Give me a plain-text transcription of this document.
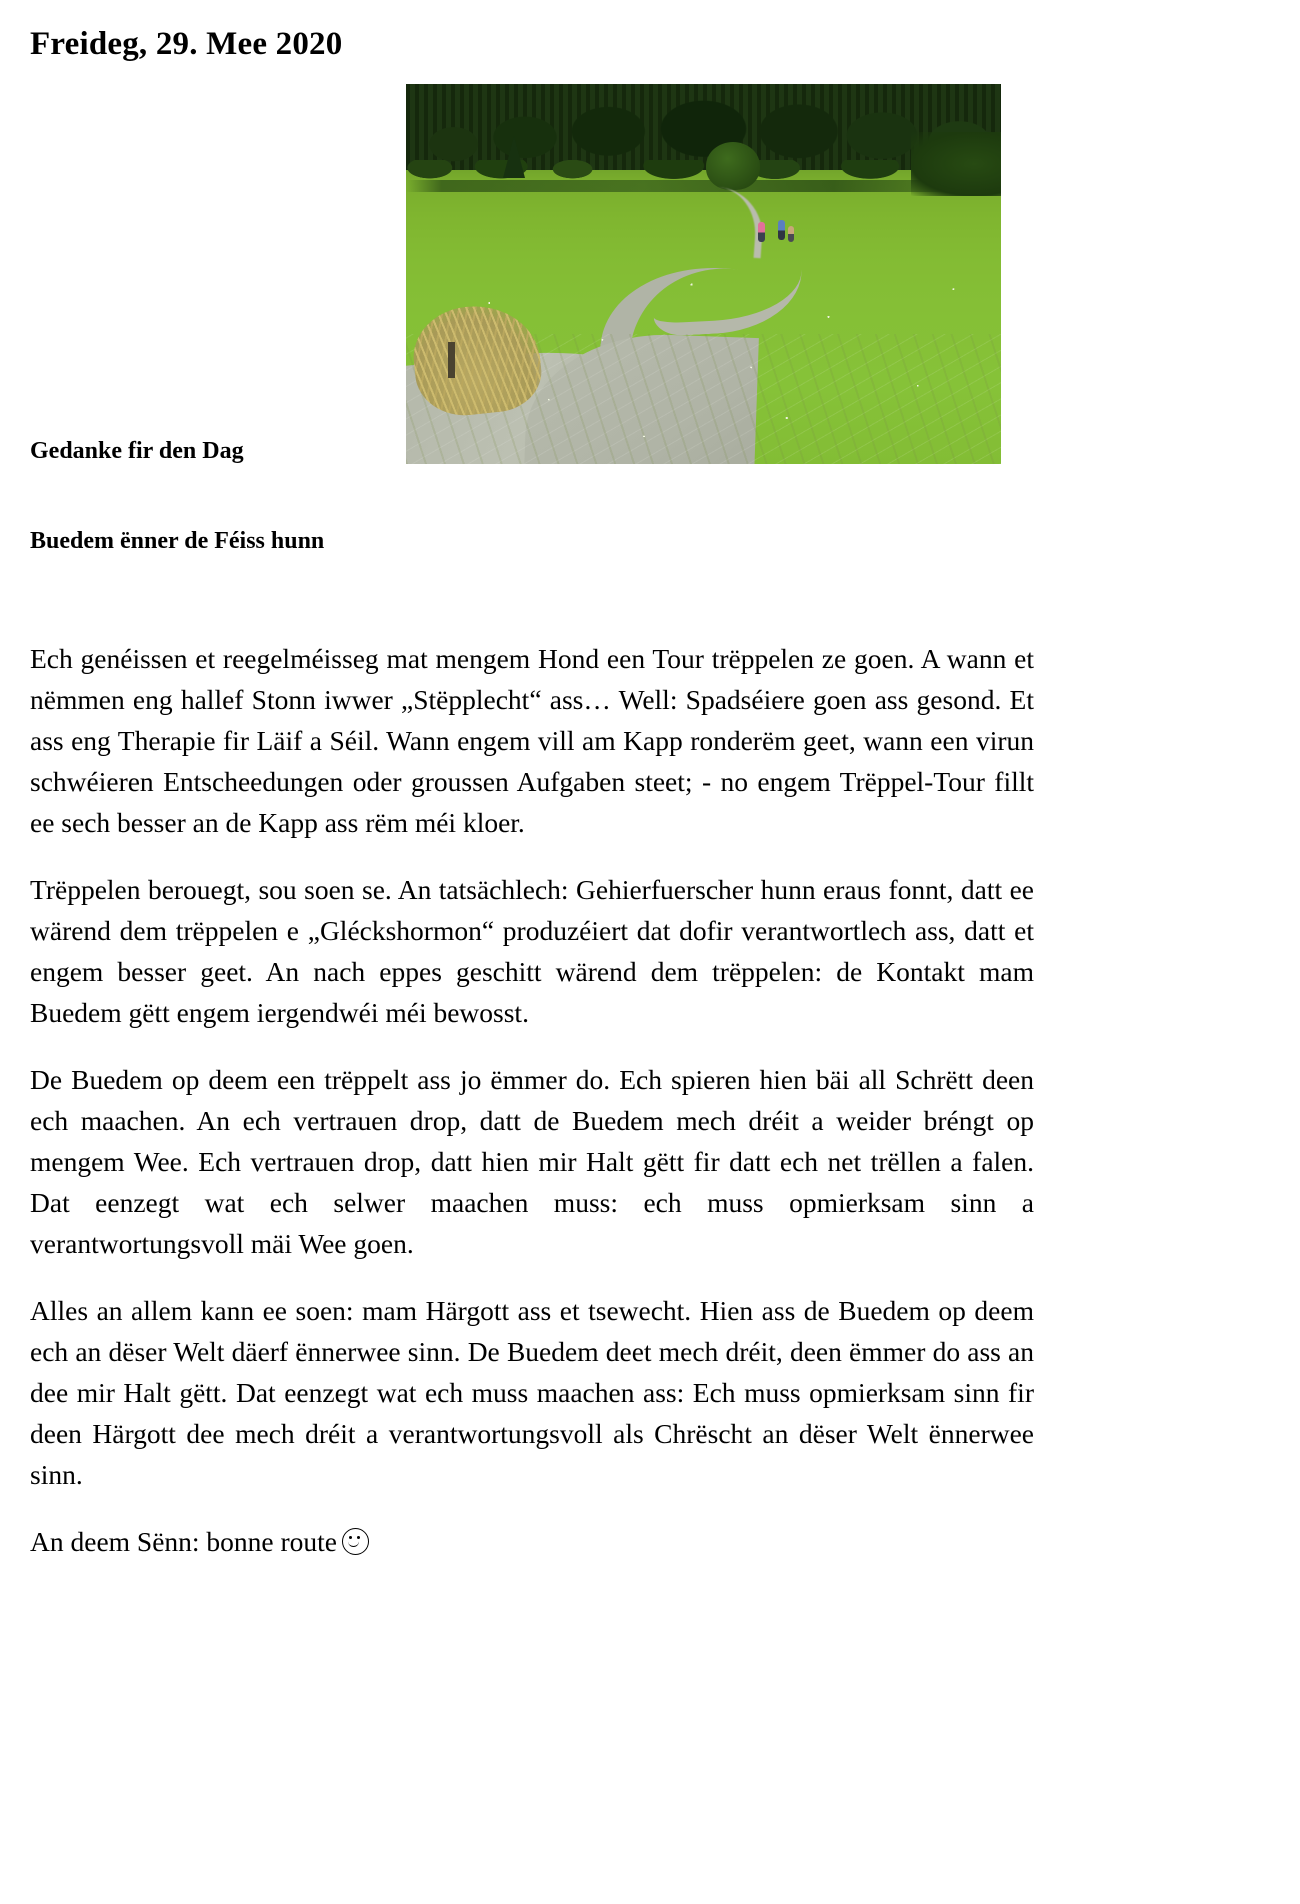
Freideg, 29. Mee 2020
Gedanke fir den Dag
Buedem ënner de Féiss hunn

Ech genéissen et reegelméisseg mat mengem Hond een Tour trëppelen ze goen. A wann et nëmmen eng hallef Stonn iwwer „Stëpplecht“ ass… Well: Spadséiere goen ass gesond. Et ass eng Therapie fir Läif a Séil. Wann engem vill am Kapp ronderëm geet, wann een virun schwéieren Entscheedungen oder groussen Aufgaben steet; - no engem Trëppel-Tour fillt ee sech besser an de Kapp ass rëm méi kloer.

Trëppelen berouegt, sou soen se. An tatsächlech: Gehierfuerscher hunn eraus fonnt, datt ee wärend dem trëppelen e „Gléckshormon“ produzéiert dat dofir verantwortlech ass, datt et engem besser geet. An nach eppes geschitt wärend dem trëppelen: de Kontakt mam Buedem gëtt engem iergendwéi méi bewosst.

De Buedem op deem een trëppelt ass jo ëmmer do. Ech spieren hien bäi all Schrëtt deen ech maachen. An ech vertrauen drop, datt de Buedem mech dréit a weider bréngt op mengem Wee. Ech vertrauen drop, datt hien mir Halt gëtt fir datt ech net trëllen a falen. Dat eenzegt wat ech selwer maachen muss: ech muss opmierksam sinn a verantwortungsvoll mäi Wee goen.

Alles an allem kann ee soen: mam Härgott ass et tsewecht. Hien ass de Buedem op deem ech an dëser Welt däerf ënnerwee sinn. De Buedem deet mech dréit, deen ëmmer do ass an dee mir Halt gëtt. Dat eenzegt wat ech muss maachen ass: Ech muss opmierksam sinn fir deen Härgott dee mech dréit a verantwortungsvoll als Chrëscht an dëser Welt ënnerwee sinn.

An deem Sënn: bonne route
